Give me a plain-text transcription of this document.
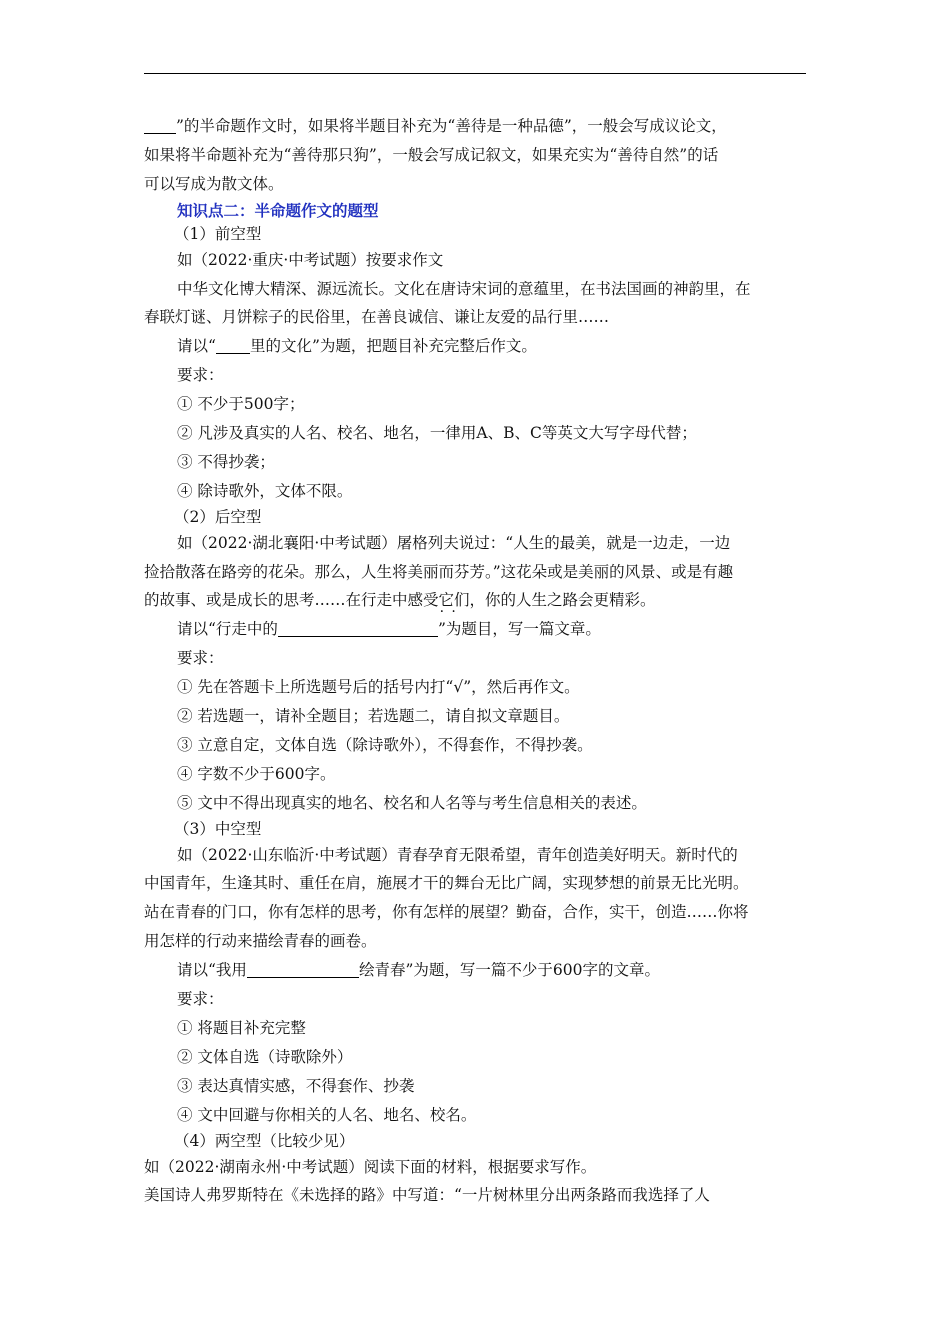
”的半命题作文时，如果将半题目补充为“善待是一种品德”，一般会写成议论文，
如果将半命题补充为“善待那只狗”，一般会写成记叙文，如果充实为“善待自然”的话
可以写成为散文体。
知识点二：半命题作文的题型
（1）前空型
如（2022·重庆·中考试题）按要求作文
中华文化博大精深、源远流长。文化在唐诗宋词的意蕴里，在书法国画的神韵里，在
春联灯谜、月饼粽子的民俗里，在善良诚信、谦让友爱的品行里……
请以“ 里的文化”为题，把题目补充完整后作文。
要求：
① 不少于500字；
② 凡涉及真实的人名、校名、地名，一律用A、B、C等英文大写字母代替；
③ 不得抄袭；
④ 除诗歌外，文体不限。
（2）后空型
如（2022·湖北襄阳·中考试题）屠格列夫说过：“人生的最美，就是一边走，一边
捡拾散落在路旁的花朵。那么，人生将美丽而芬芳。”这花朵或是美丽的风景、或是有趣
的故事、或是成长的思考……在行走中感受它们，你的人生之路会更精彩。
请以“行走中的	” ·为题目，写一篇文章。
要求：
① 先在答题卡上所选题号后的括号内打“√”，然后再作文。
② 若选题一，请补全题目；若选题二，请自拟文章题目。
③ 立意自定，文体自选（除诗歌外），不得套作，不得抄袭。
④ 字数不少于600字。
⑤ 文中不得出现真实的地名、校名和人名等与考生信息相关的表述。
（3）中空型
如（2022·山东临沂·中考试题）青春孕育无限希望，青年创造美好明天。新时代的
中国青年，生逢其时、重任在肩，施展才干的舞台无比广阔，实现梦想的前景无比光明。
站在青春的门口，你有怎样的思考，你有怎样的展望？勤奋，合作，实干，创造……你将
用怎样的行动来描绘青春的画卷。
请以“我用	绘青春”为题，写一篇不少于600字的文章。
要求：
① 将题目补充完整
② 文体自选（诗歌除外）
③ 表达真情实感，不得套作、抄袭
④ 文中回避与你相关的人名、地名、校名。
（4）两空型（比较少见）
如（2022·湖南永州·中考试题）阅读下面的材料，根据要求写作。
美国诗人弗罗斯特在《未选择的路》中写道：“一片树林里分出两条路而我选择了人
